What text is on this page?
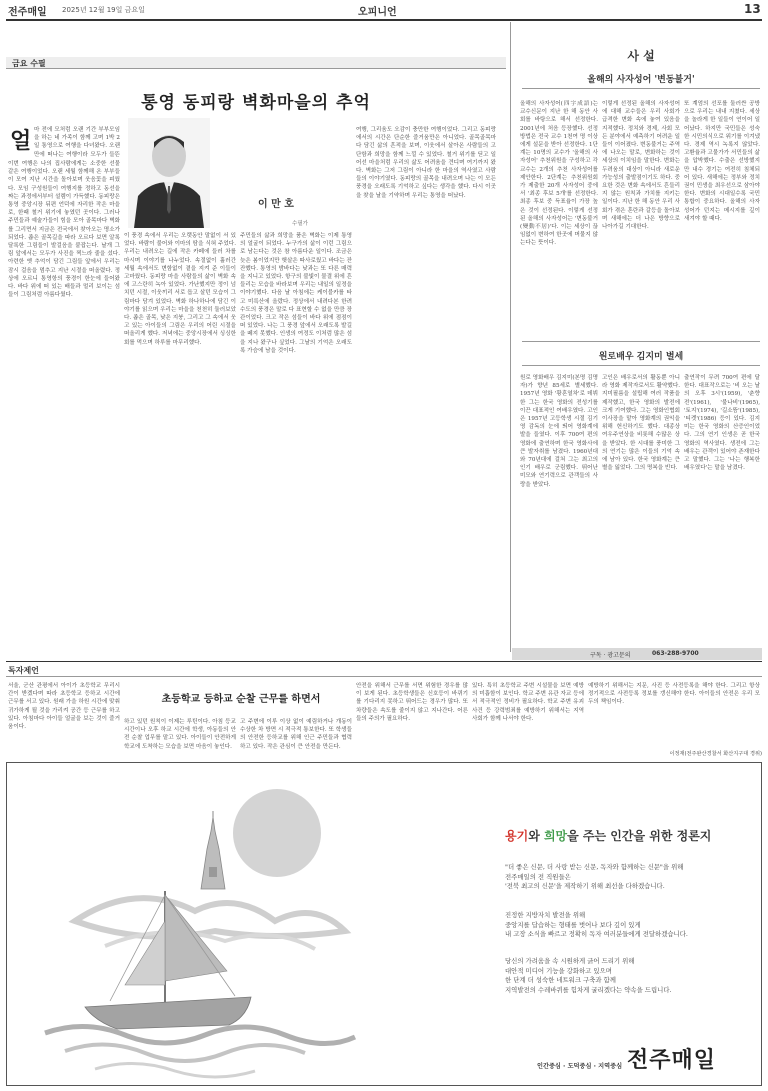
전주매일 2025년 12월 19일 금요일	오피니언	13
금요 수필
통영 동피랑 벽화마을의 추억
얼 마 전에 모처럼 오랜 기간 부부모임을 하는 네 가족이 함께 고며 1박 2일 통영으로 여행을 다녀왔다. 오랜만에 떠나는 여행이라 모두가 들뜬
이 만 호
수필가
이번 여행은 나의 집사람에게는 소중한 선물 같은 여행이었다. 오랜 세월 함께해 온 부부들이 모여 지난 시간을 돌아보며 웃음꽃을 피웠다. 모임 구성원들이 여행지를 정하고 동선을 짜는 과정에서부터 설렘이 가득했다. 동피랑은 통영 중앙시장 뒤편 언덕에 자리한 작은 마을로, 한때 철거 위기에 놓였던 곳이다. 그러나 주민들과 예술가들이 힘을 모아 골목마다 벽화를 그리면서 지금은 전국에서 찾아오는 명소가 되었다. 좁은 골목길을 따라 오르다 보면 알록달록한 그림들이 발걸음을 붙잡는다. 날개 그림 앞에서는 모두가 사진을 찍느라 줄을 섰다. 아련한 옛 추억이 담긴 그림들 앞에서 우리는 잠시 걸음을 멈추고 지난 시절을 떠올렸다. 정상에 오르니 통영항의 풍경이 한눈에 들어왔다. 바다 위에 떠 있는 배들과 멀리 보이는 섬들이 그림처럼 아름다웠다.
이 풍경 속에서 우리는 오랫동안 말없이 서 있었다. 바람이 불어와 이마의 땀을 식혀 주었다. 우리는 내려오는 길에 작은 카페에 들러 차를 마시며 이야기를 나누었다. 속절없이 흘러간 세월 속에서도 변함없이 곁을 지켜 준 이들이 고마웠다. 동피랑 마을 사람들의 삶이 벽화 속에 고스란히 녹아 있었다. 가난했지만 정이 넘치던 시절, 이웃끼리 서로 돕고 살던 모습이 그림마다 담겨 있었다. 벽화 하나하나에 담긴 이야기를 읽으며 우리는 마을을 천천히 둘러보았다. 좁은 골목, 낮은 지붕, 그리고 그 속에서 웃고 있는 아이들의 그림은 우리의 어린 시절을 떠올리게 했다. 저녁에는 중앙시장에서 싱싱한 회를 먹으며 하루를 마무리했다.
주민들의 삶과 희망을 품은 벽화는 이제 통영의 얼굴이 되었다. 누구가의 삶이 이런 그림으로 남는다는 것은 참 아름다운 일이다. 조금은 늦은 봄이었지만 햇살은 따사로웠고 바다는 잔잔했다. 통영의 밤바다는 낮과는 또 다른 매력을 지니고 있었다. 항구의 불빛이 물결 위에 흔들리는 모습을 바라보며 우리는 내일의 일정을 이야기했다. 다음 날 아침에는 케이블카를 타고 미륵산에 올랐다. 정상에서 내려다본 한려수도의 풍경은 말로 다 표현할 수 없을 만큼 장관이었다. 크고 작은 섬들이 바다 위에 점점이 떠 있었다. 나는 그 풍경 앞에서 오래도록 발길을 떼지 못했다. 인생의 여정도 이처럼 많은 섬을 지나 왔구나 싶었다. 그날의 기억은 오래도록 가슴에 남을 것이다.
여행, 그리움도 오감이 충만한 여행이었다. 그리고 동피랑에서의 시간은 단순한 즐거움만은 아니었다. 골목골목마다 담긴 삶의 흔적을 보며, 이웃에서 살아온 사람들의 고단함과 희망을 함께 느낄 수 있었다. 철거 위기를 딛고 일어선 마을처럼 우리의 삶도 어려움을 견디며 여기까지 왔다. 벽화는 그저 그림이 아니라 한 마을의 역사였고 사람들의 이야기였다. 동피랑의 골목을 내려오며 나는 이 모든 풍경을 오래도록 기억하고 싶다는 생각을 했다. 다시 이곳을 찾을 날을 기약하며 우리는 통영을 떠났다.
사 설
올해의 사자성어 '변동불거'
올해의 사자성어(四字成語)는 교수신문이 지난 한 해 동안 사회를 바탕으로 해서 선정한다. 2001년에 처음 등장했다. 선정 방법은 전국 교수 1천여 명 이상에게 설문을 받아 선정한다. 1단계는 10명의 교수가 '올해의 사자성어' 추천위원을 구성하고 각 교수는 2개의 추천 사자성어를 제안한다. 2단계는 추천위원회가 제출한 20개 사자성어 중에서 '최종 후보 5개'를 선정한다. 최종 후보 중 득표율이 가장 높은 것이 선정된다. 이렇게 선정된 올해의 사자성어는 '변동불거(變動不居)'다. 이는 세상이 끊임없이 변하여 한곳에 머물지 않는다는 뜻이다.
이렇게 선정된 올해의 사자성어에 대해 교수들은 우리 사회가 급격한 변화 속에 놓여 있음을 지적했다. 정치와 경제, 사회 모든 분야에서 예측하기 어려운 일들이 이어졌다. 변동불거는 주역에 나오는 말로, 변화하는 것이 세상의 이치임을 말한다. 변화는 두려움의 대상이 아니라 새로운 가능성의 출발점이기도 하다. 중요한 것은 변화 속에서도 흔들리지 않는 원칙과 가치를 지키는 일이다. 지난 한 해 동안 우리 사회가 겪은 혼란과 갈등을 돌아보며 새해에는 더 나은 방향으로 나아가길 기대한다.
또 계엄의 선포를 둘러싼 공방으로 우리는 내내 지쳤다. 세상을 놀라게 한 일들이 연이어 일어났다. 하지만 국민들은 성숙한 시민의식으로 위기를 이겨냈다. 경제 역시 녹록지 않았다. 고환율과 고물가가 서민들의 삶을 압박했다. 수출은 선방했지만 내수 경기는 여전히 침체되어 있다. 새해에는 정부와 정치권이 민생을 최우선으로 삼아야 한다. 변화의 시대일수록 국민 통합이 중요하다. 올해의 사자성어가 던지는 메시지를 깊이 새겨야 할 때다.
원로배우 김지미 별세
원로 영화배우 김지미(본명 김명자)가 향년 85세로 별세했다. 1957년 영화 '황혼열차'로 데뷔한 그는 한국 영화의 전성기를 이끈 대표적인 여배우였다. 고인은 1957년 고등학생 시절 김기영 감독의 눈에 띄어 영화계에 발을 들였다. 이후 700여 편의 영화에 출연하며 한국 영화사에 큰 발자취를 남겼다. 1960년대와 70년대에 걸쳐 그는 최고의 인기 배우로 군림했다. 뛰어난 미모와 연기력으로 관객들의 사랑을 받았다.
고인은 배우로서의 활동뿐 아니라 영화 제작자로서도 활약했다. 지미필름을 설립해 여러 작품을 제작했고, 한국 영화의 발전에 크게 기여했다. 그는 영화인협회 이사장을 맡아 영화계의 권익을 위해 헌신하기도 했다. 대종상 여우주연상을 비롯해 수많은 상을 받았다. 한 시대를 풍미한 그의 연기는 많은 이들의 기억 속에 남아 있다. 한국 영화계는 큰 별을 잃었다. 그의 명복을 빈다.
출연작이 무려 700여 편에 달한다. 대표작으로는 '비 오는 날의 오후 3시'(1959), '춘향전'(1961), '불나비'(1965), '토지'(1974), '길소뜸'(1985), '티켓'(1986) 등이 있다. 김지미는 한국 영화의 산증인이었다. 그의 연기 인생은 곧 한국 영화의 역사였다. 생전에 그는 배우는 관객이 있어야 존재한다고 말했다. 그는 '나는 행복한 배우였다'는 말을 남겼다.
구독 · 광고문의	063-288-9700
독자제언
초등학교 등하교 순찰 근무를 하면서
서울, 군산 관평에서 아이가 초등학교 무리시간이 받겠다며 따라 초등학교 등하교 시간에 근무를 서고 있다. 원래 가을 하원 시간에 맞춰 귀가하게 될 것을 가리켜 공간 등 근무를 하고 있다. 아침마다 아이들 얼굴을 보는 것이 즐거움이다.
하고 있던 원칙이 이제는 루틴이다. 아침 등교 시간이나 오후 하교 시간에 학생, 아동들의 안전 순찰 업무를 맡고 있다. 아이들이 안전하게 학교에 도착하는 모습을 보면 마음이 놓인다.
고 주변에 이루 이상 없이 예림하거나 개동이 수상한 차 방면 시 적극적 통보한다. 또 학생들의 안전한 등하교를 위해 인근 주민들과 협력하고 있다. 작은 관심이 큰 안전을 만든다.
안전을 위해서 근무를 서면 위험한 경우를 많이 보게 된다. 초등학생들은 신호등이 바뀌기를 기다리지 못하고 뛰어드는 경우가 많다. 또 차량들은 속도를 줄이지 않고 지나간다. 어른들의 주의가 필요하다.
있다. 특히 초등학교 주변 시설물을 보면 예방의 미흡함이 보인다. 학교 주변 유관 자교 등에서 적극적인 정비가 필요하다. 학교 주변 유괴 사건 등 강력범죄를 예방하기 위해서는 지역 사회가 함께 나서야 한다.
예방하기 위해서는 지문, 사진 등 사전등록을 해야 한다. 그리고 항상 정기적으로 사전등록 정보를 갱신해야 한다. 아이들의 안전은 우리 모두의 책임이다.
이정재(전주완산경찰서 화산지구대 경위)
용기와 희망을 주는 인간을 위한 정론지
"더 좋은 신문, 더 사랑 받는 신문, 독자와 함께하는 신문"을 위해
전주매일의 전 직원들은
'전북 최고의 신문'을 제작하기 위해 최선을 다하겠습니다.
진정한 지방자치 발전을 위해
중앙지를 답습하는 형태를 벗어나 보다 깊이 있게
내 고장 소식을 빠르고 정확히 독자 여러분들에게 전달하겠습니다.
당신의 가려움을 속 시원하게 긁어 드리기 위해
대안적 미디어 기능을 강화하고 있으며
한 단계 더 성숙한 네트워크 구축과 함께
지역발전의 수레바퀴를 힘차게 굴리겠다는 약속을 드립니다.
인간중심 · 도덕중심 · 지역중심 전주매일
